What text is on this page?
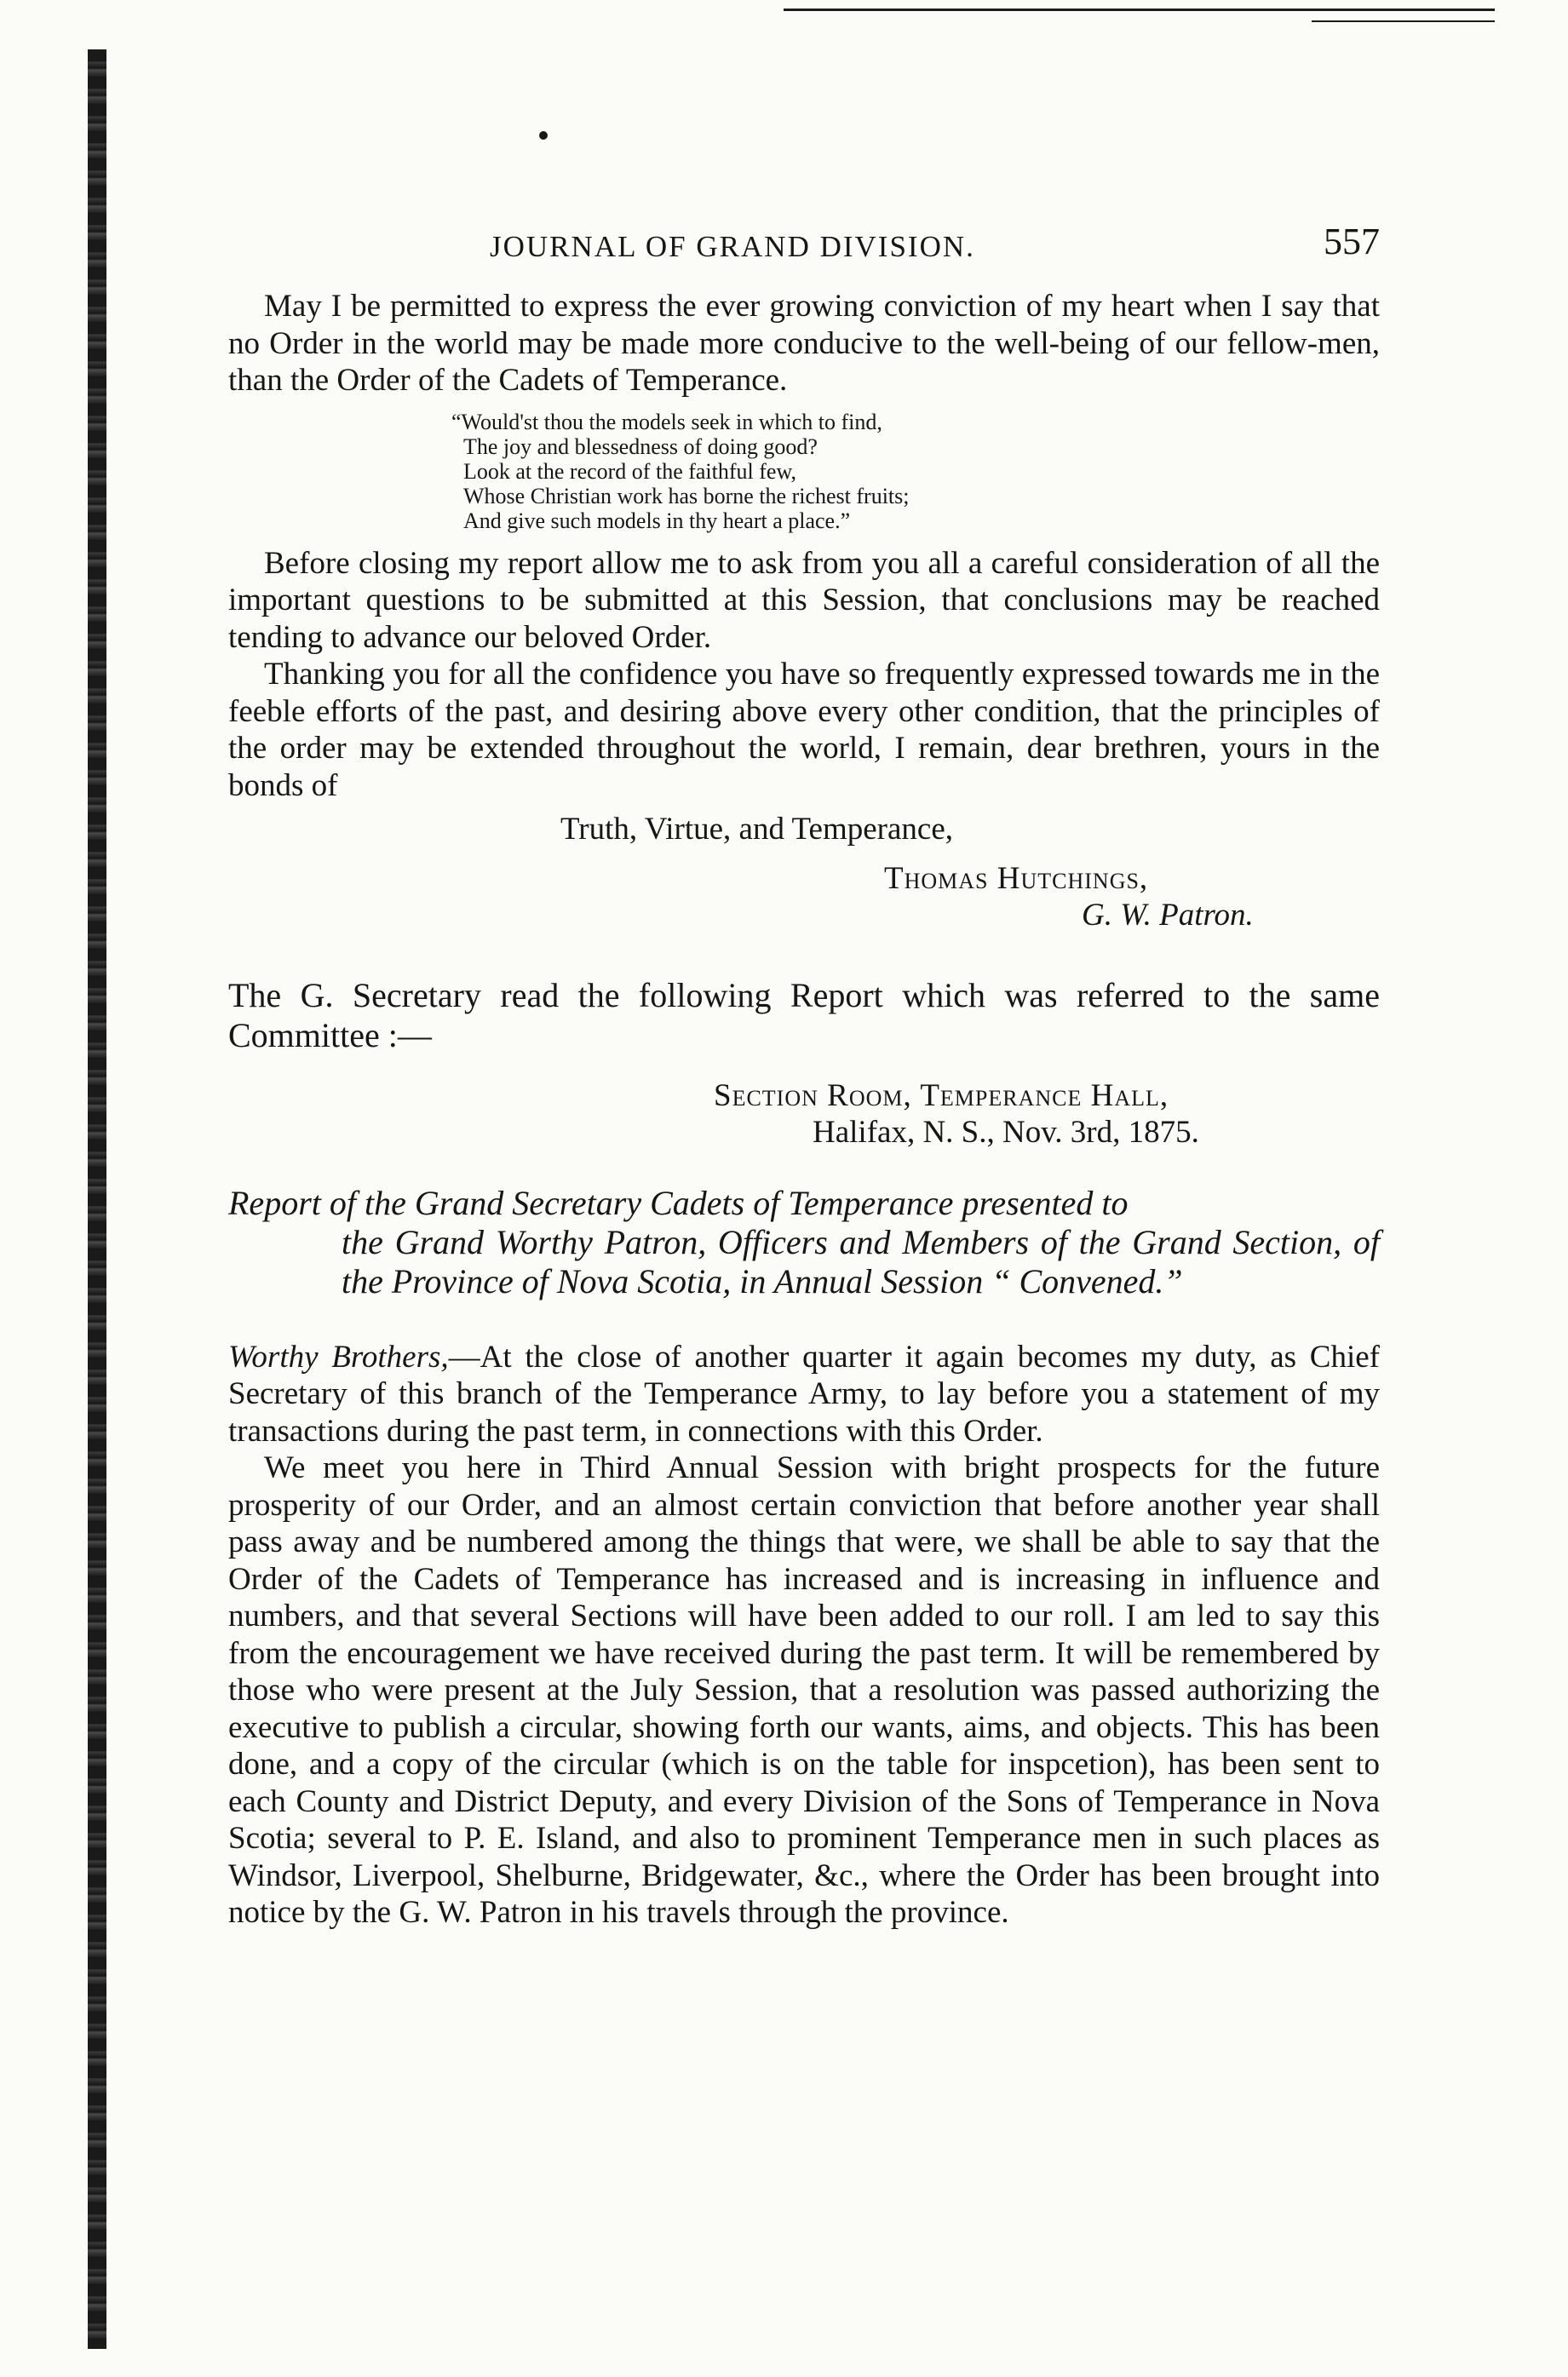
JOURNAL OF GRAND DIVISION.	557

May I be permitted to express the ever growing conviction of my heart when I say that no Order in the world may be made more conducive to the well-being of our fellow-men, than the Order of the Cadets of Temperance.

“Would'st thou the models seek in which to find,
The joy and blessedness of doing good?
Look at the record of the faithful few,
Whose Christian work has borne the richest fruits;
And give such models in thy heart a place.”

Before closing my report allow me to ask from you all a careful consideration of all the important questions to be submitted at this Session, that conclusions may be reached tending to advance our beloved Order.

Thanking you for all the confidence you have so frequently expressed towards me in the feeble efforts of the past, and desiring above every other condition, that the principles of the order may be extended throughout the world, I remain, dear brethren, yours in the bonds of

Truth, Virtue, and Temperance,
Thomas Hutchings,
G. W. Patron.

The G. Secretary read the following Report which was referred to the same Committee :—

Section Room, Temperance Hall,
Halifax, N. S., Nov. 3rd, 1875.

Report of the Grand Secretary Cadets of Temperance presented to
the Grand Worthy Patron, Officers and Members of the Grand Section, of the Province of Nova Scotia, in Annual Session “ Convened.”

Worthy Brothers,—At the close of another quarter it again becomes my duty, as Chief Secretary of this branch of the Temperance Army, to lay before you a statement of my transactions during the past term, in connections with this Order.

We meet you here in Third Annual Session with bright prospects for the future prosperity of our Order, and an almost certain conviction that before another year shall pass away and be numbered among the things that were, we shall be able to say that the Order of the Cadets of Temperance has increased and is increasing in influence and numbers, and that several Sections will have been added to our roll. I am led to say this from the encouragement we have received during the past term. It will be remembered by those who were present at the July Session, that a resolution was passed authorizing the executive to publish a circular, showing forth our wants, aims, and objects. This has been done, and a copy of the circular (which is on the table for inspcetion), has been sent to each County and District Deputy, and every Division of the Sons of Temperance in Nova Scotia; several to P. E. Island, and also to prominent Temperance men in such places as Windsor, Liverpool, Shelburne, Bridgewater, &c., where the Order has been brought into notice by the G. W. Patron in his travels through the province.
